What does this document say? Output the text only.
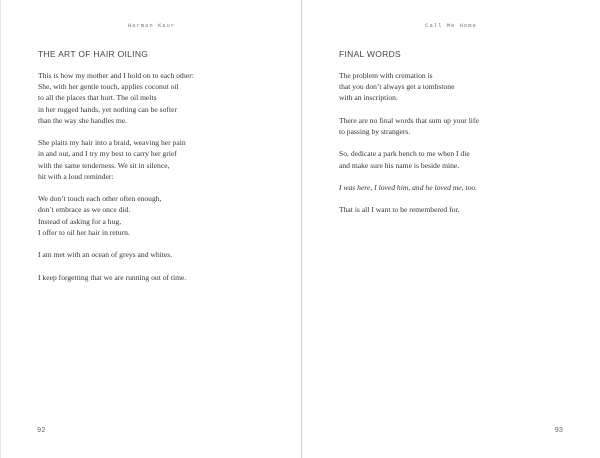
Harman Kaur
THE ART OF HAIR OILING
This is how my mother and I hold on to each other:
She, with her gentle touch, applies coconut oil
to all the places that hurt. The oil melts
in her rugged hands, yet nothing can be softer
than the way she handles me.
She plaits my hair into a braid, weaving her pain
in and out, and I try my best to carry her grief
with the same tenderness. We sit in silence,
hit with a loud reminder:
We don’t touch each other often enough,
don’t embrace as we once did.
Instead of asking for a hug,
I offer to oil her hair in return.
I am met with an ocean of greys and whites.
I keep forgetting that we are running out of time.
92
Call Me Home
FINAL WORDS
The problem with cremation is
that you don’t always get a tombstone
with an inscription.
There are no final words that sum up your life
to passing by strangers.
So, dedicate a park bench to me when I die
and make sure his name is beside mine.
I was here, I loved him, and he loved me, too.
That is all I want to be remembered for.
93
